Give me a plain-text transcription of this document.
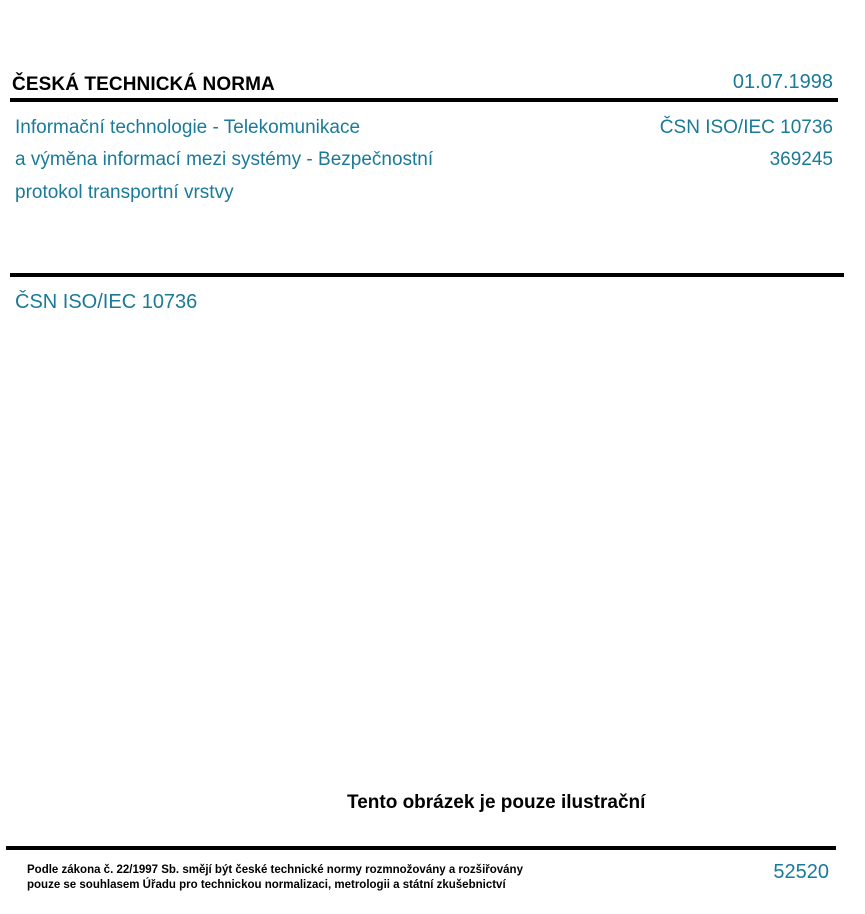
ČESKÁ TECHNICKÁ NORMA	01.07.1998
Informační technologie - Telekomunikace
a výměna informací mezi systémy - Bezpečnostní
protokol transportní vrstvy
ČSN ISO/IEC 10736
369245
ČSN ISO/IEC 10736
Tento obrázek je pouze ilustrační
Podle zákona č. 22/1997 Sb. smějí být české technické normy rozmnožovány a rozšiřovány
pouze se souhlasem Úřadu pro technickou normalizaci, metrologii a státní zkušebnictví
52520
